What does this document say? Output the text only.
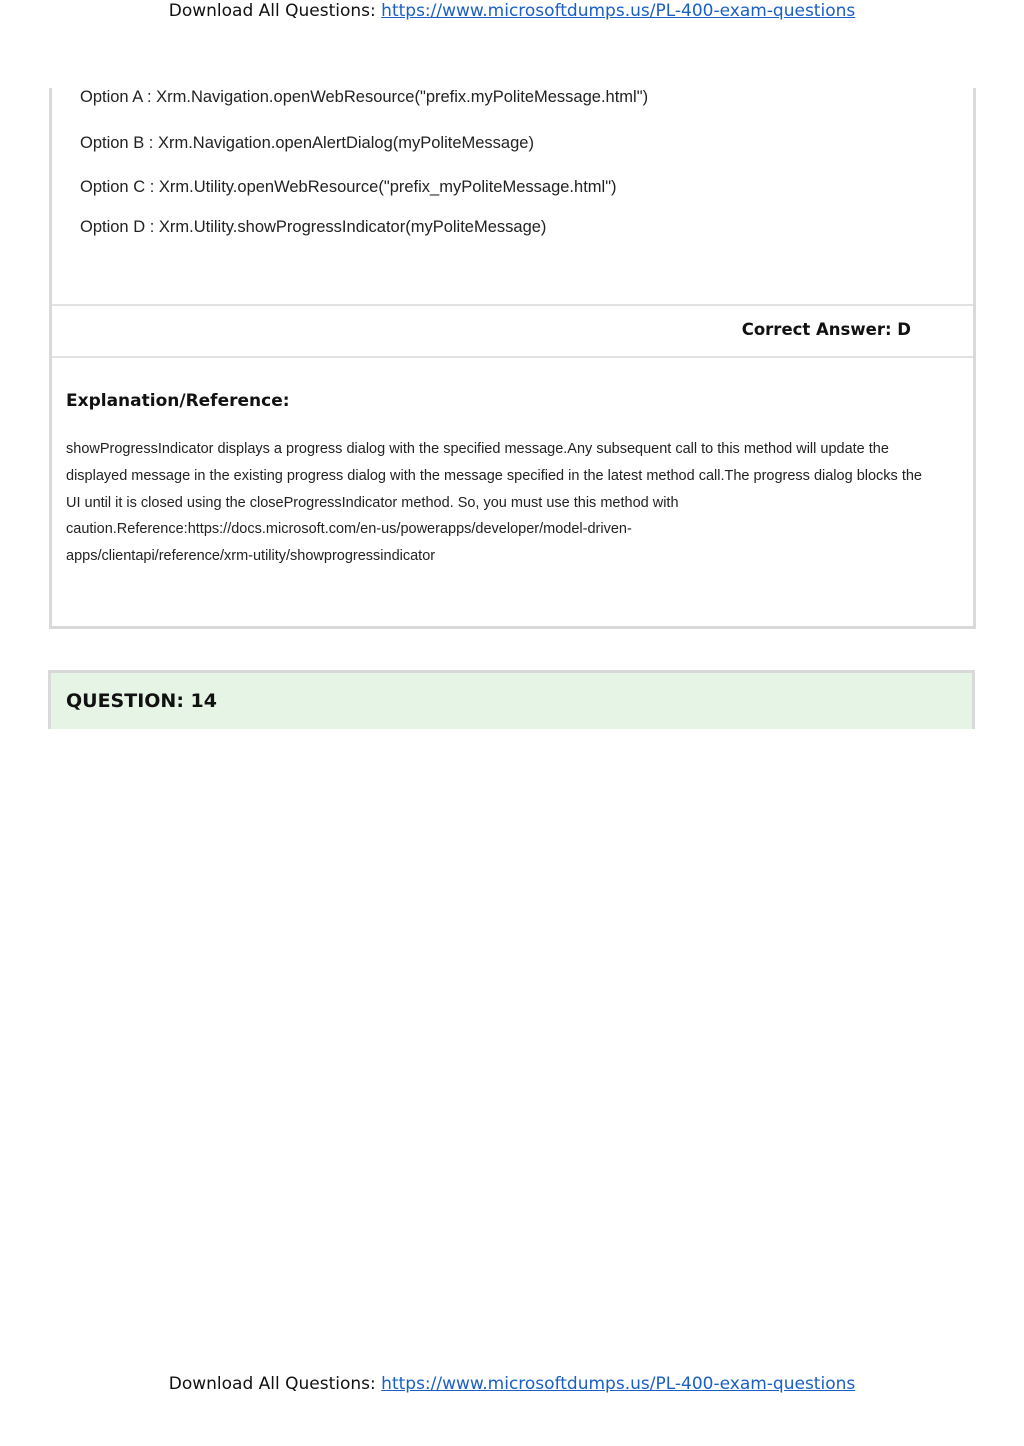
Download All Questions: https://www.microsoftdumps.us/PL-400-exam-questions
Option A : Xrm.Navigation.openWebResource("prefix.myPoliteMessage.html")
Option B : Xrm.Navigation.openAlertDialog(myPoliteMessage)
Option C : Xrm.Utility.openWebResource("prefix_myPoliteMessage.html")
Option D : Xrm.Utility.showProgressIndicator(myPoliteMessage)
Correct Answer: D
Explanation/Reference:
showProgressIndicator displays a progress dialog with the specified message.Any subsequent call to this method will update the
displayed message in the existing progress dialog with the message specified in the latest method call.The progress dialog blocks the
UI until it is closed using the closeProgressIndicator method. So, you must use this method with
caution.Reference:https://docs.microsoft.com/en-us/powerapps/developer/model-driven-
apps/clientapi/reference/xrm-utility/showprogressindicator
QUESTION: 14
Download All Questions: https://www.microsoftdumps.us/PL-400-exam-questions
